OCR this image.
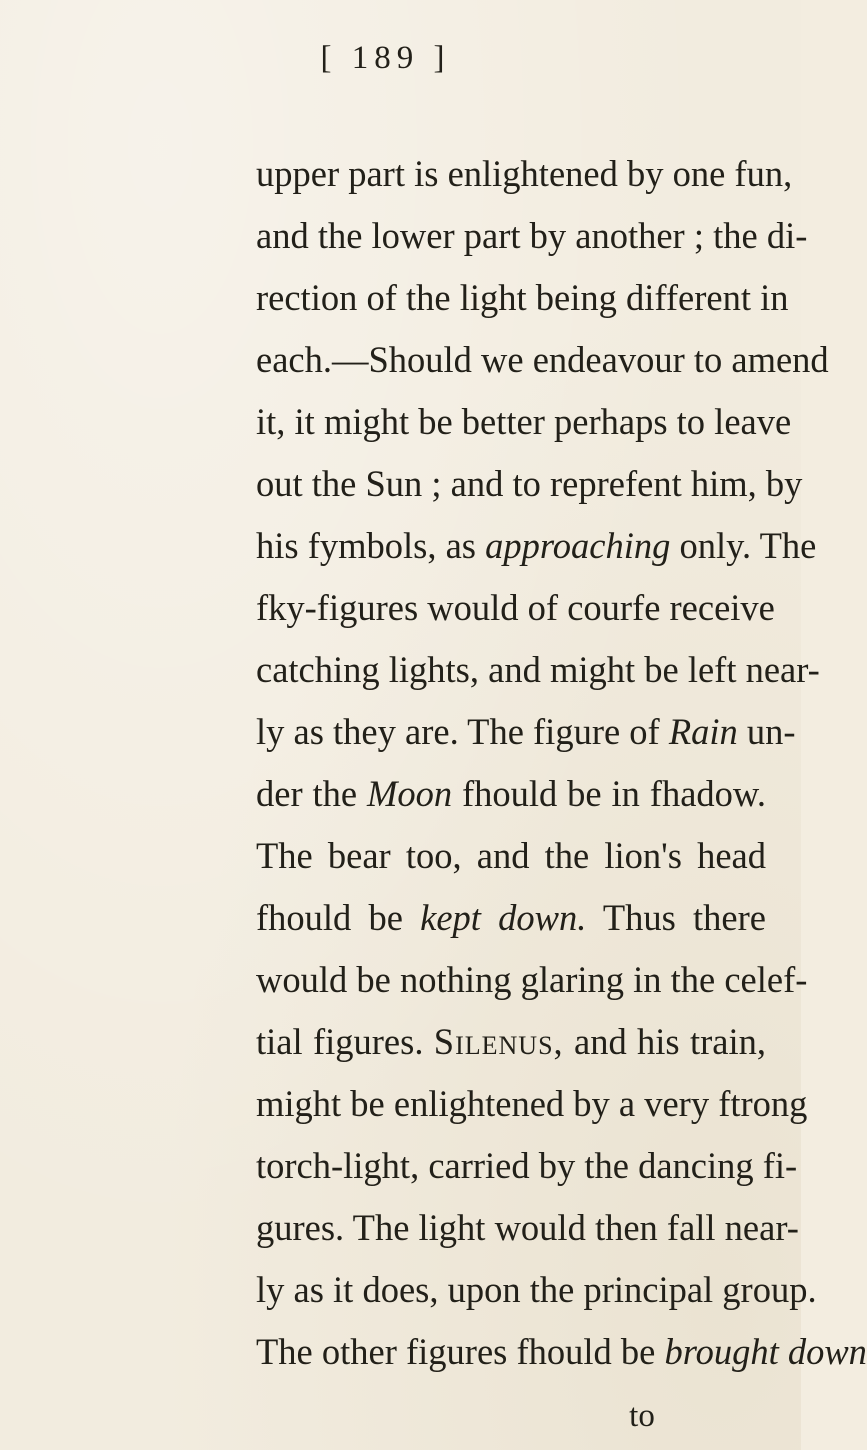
[ 189 ]
upper part is enlightened by one fun,
and the lower part by another ; the di-
rection of the light being different in
each.—Should we endeavour to amend
it, it might be better perhaps to leave
out the Sun ; and to reprefent him, by
his fymbols, as approaching only. The
fky-figures would of courfe receive
catching lights, and might be left near-
ly as they are. The figure of Rain un-
der the Moon fhould be in fhadow.
The bear too, and the lion's head
fhould be kept down. Thus there
would be nothing glaring in the celef-
tial figures. Silenus, and his train,
might be enlightened by a very ftrong
torch-light, carried by the dancing fi-
gures. The light would then fall near-
ly as it does, upon the principal group.
The other figures fhould be brought down
to
